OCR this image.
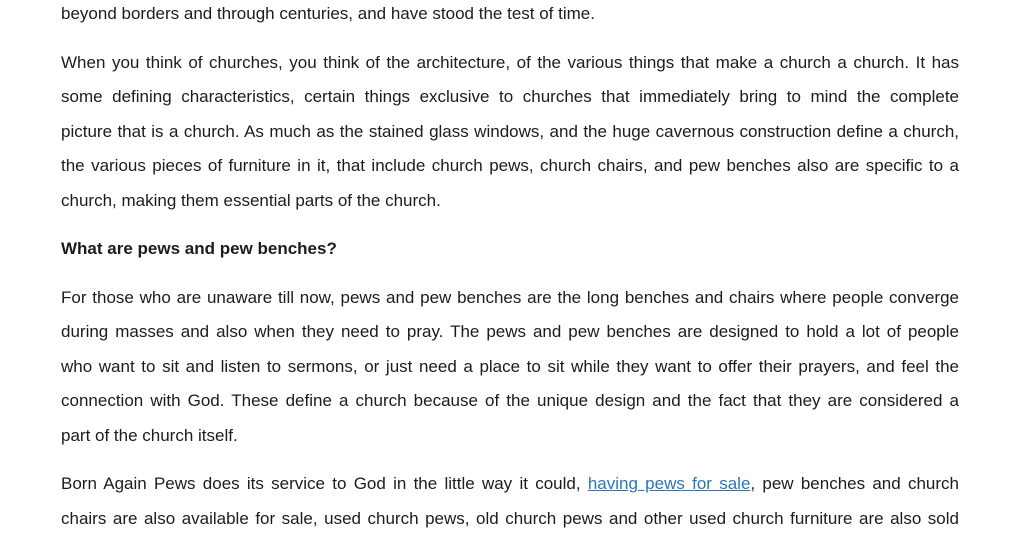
beyond borders and through centuries, and have stood the test of time.
When you think of churches, you think of the architecture, of the various things that make a church a church. It has
some defining characteristics, certain things exclusive to churches that immediately bring to mind the complete
picture that is a church. As much as the stained glass windows, and the huge cavernous construction define a church,
the various pieces of furniture in it, that include church pews, church chairs, and pew benches also are specific to a
church, making them essential parts of the church.
What are pews and pew benches?
For those who are unaware till now, pews and pew benches are the long benches and chairs where people converge
during masses and also when they need to pray. The pews and pew benches are designed to hold a lot of people
who want to sit and listen to sermons, or just need a place to sit while they want to offer their prayers, and feel the
connection with God. These define a church because of the unique design and the fact that they are considered a
part of the church itself.
Born Again Pews does its service to God in the little way it could, having pews for sale, pew benches and church
chairs are also available for sale, used church pews, old church pews and other used church furniture are also sold
